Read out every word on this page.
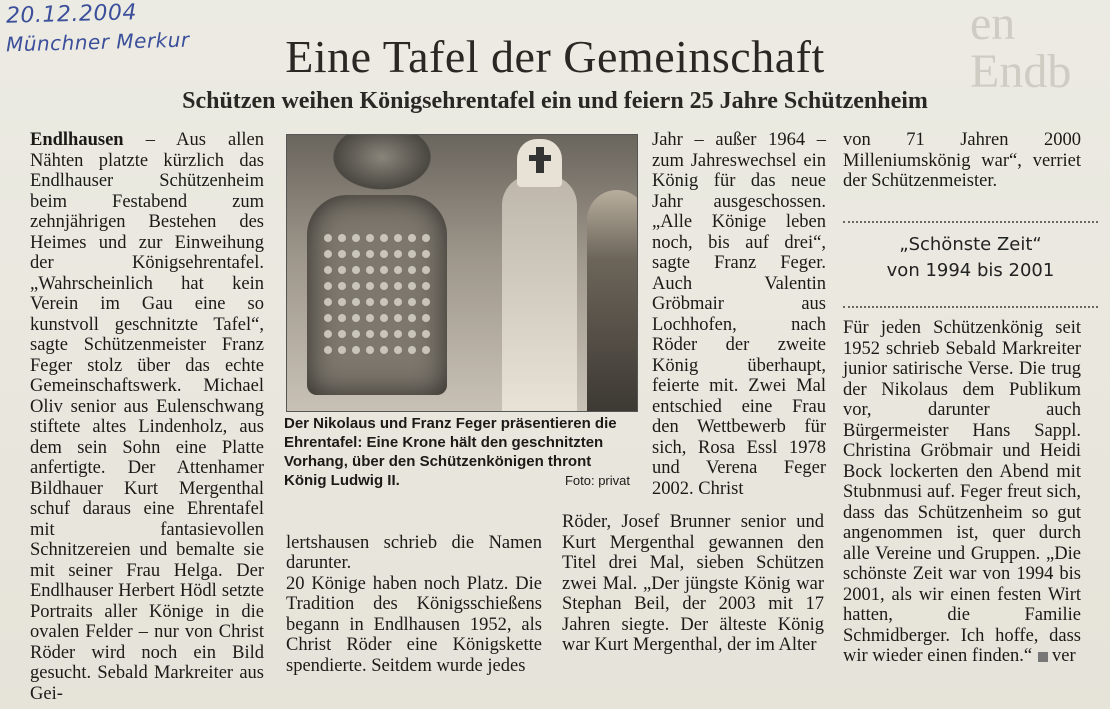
20.12.2004
Münchner Merkur	en Endb
Eine Tafel der Gemeinschaft
Schützen weihen Königsehrentafel ein und feiern 25 Jahre Schützenheim
Endlhausen – Aus allen Nähten platzte kürzlich das Endlhauser Schützenheim beim Festabend zum zehnjährigen Bestehen des Heimes und zur Einweihung der Königsehrentafel. „Wahrscheinlich hat kein Verein im Gau eine so kunstvoll geschnitzte Tafel“, sagte Schützenmeister Franz Feger stolz über das echte Gemeinschaftswerk. Michael Oliv senior aus Eulenschwang stiftete altes Lindenholz, aus dem sein Sohn eine Platte anfertigte. Der Attenhamer Bildhauer Kurt Mergenthal schuf daraus eine Ehrentafel mit fantasievollen Schnitzereien und bemalte sie mit seiner Frau Helga. Der Endlhauser Herbert Hödl setzte Portraits aller Könige in die ovalen Felder – nur von Christ Röder wird noch ein Bild gesucht. Sebald Markreiter aus Gei-
Der Nikolaus und Franz Feger präsentieren die Ehrentafel: Eine Krone hält den geschnitzten Vorhang, über den Schützenkönigen thront König Ludwig II.	Foto: privat

lertshausen schrieb die Namen darunter.
20 Könige haben noch Platz. Die Tradition des Königsschießens begann in Endlhausen 1952, als Christ Röder eine Königskette spendierte. Seitdem wurde jedes

Jahr – außer 1964 – zum Jahreswechsel ein König für das neue Jahr ausgeschossen. „Alle Könige leben noch, bis auf drei“, sagte Franz Feger. Auch Valentin Gröbmair aus Lochhofen, nach Röder der zweite König überhaupt, feierte mit. Zwei Mal entschied eine Frau den Wettbewerb für sich, Rosa Essl 1978 und Verena Feger 2002. Christ
Röder, Josef Brunner senior und Kurt Mergenthal gewannen den Titel drei Mal, sieben Schützen zwei Mal. „Der jüngste König war Stephan Beil, der 2003 mit 17 Jahren siegte. Der älteste König war Kurt Mergenthal, der im Alter
von 71 Jahren 2000 Milleniumskönig war“, verriet der Schützenmeister.
„Schönste Zeit“
von 1994 bis 2001
Für jeden Schützenkönig seit 1952 schrieb Sebald Markreiter junior satirische Verse. Die trug der Nikolaus dem Publikum vor, darunter auch Bürgermeister Hans Sappl. Christina Gröbmair und Heidi Bock lockerten den Abend mit Stubnmusi auf. Feger freut sich, dass das Schützenheim so gut angenommen ist, quer durch alle Vereine und Gruppen. „Die schönste Zeit war von 1994 bis 2001, als wir einen festen Wirt hatten, die Familie Schmidberger. Ich hoffe, dass wir wieder einen finden.“ ver
